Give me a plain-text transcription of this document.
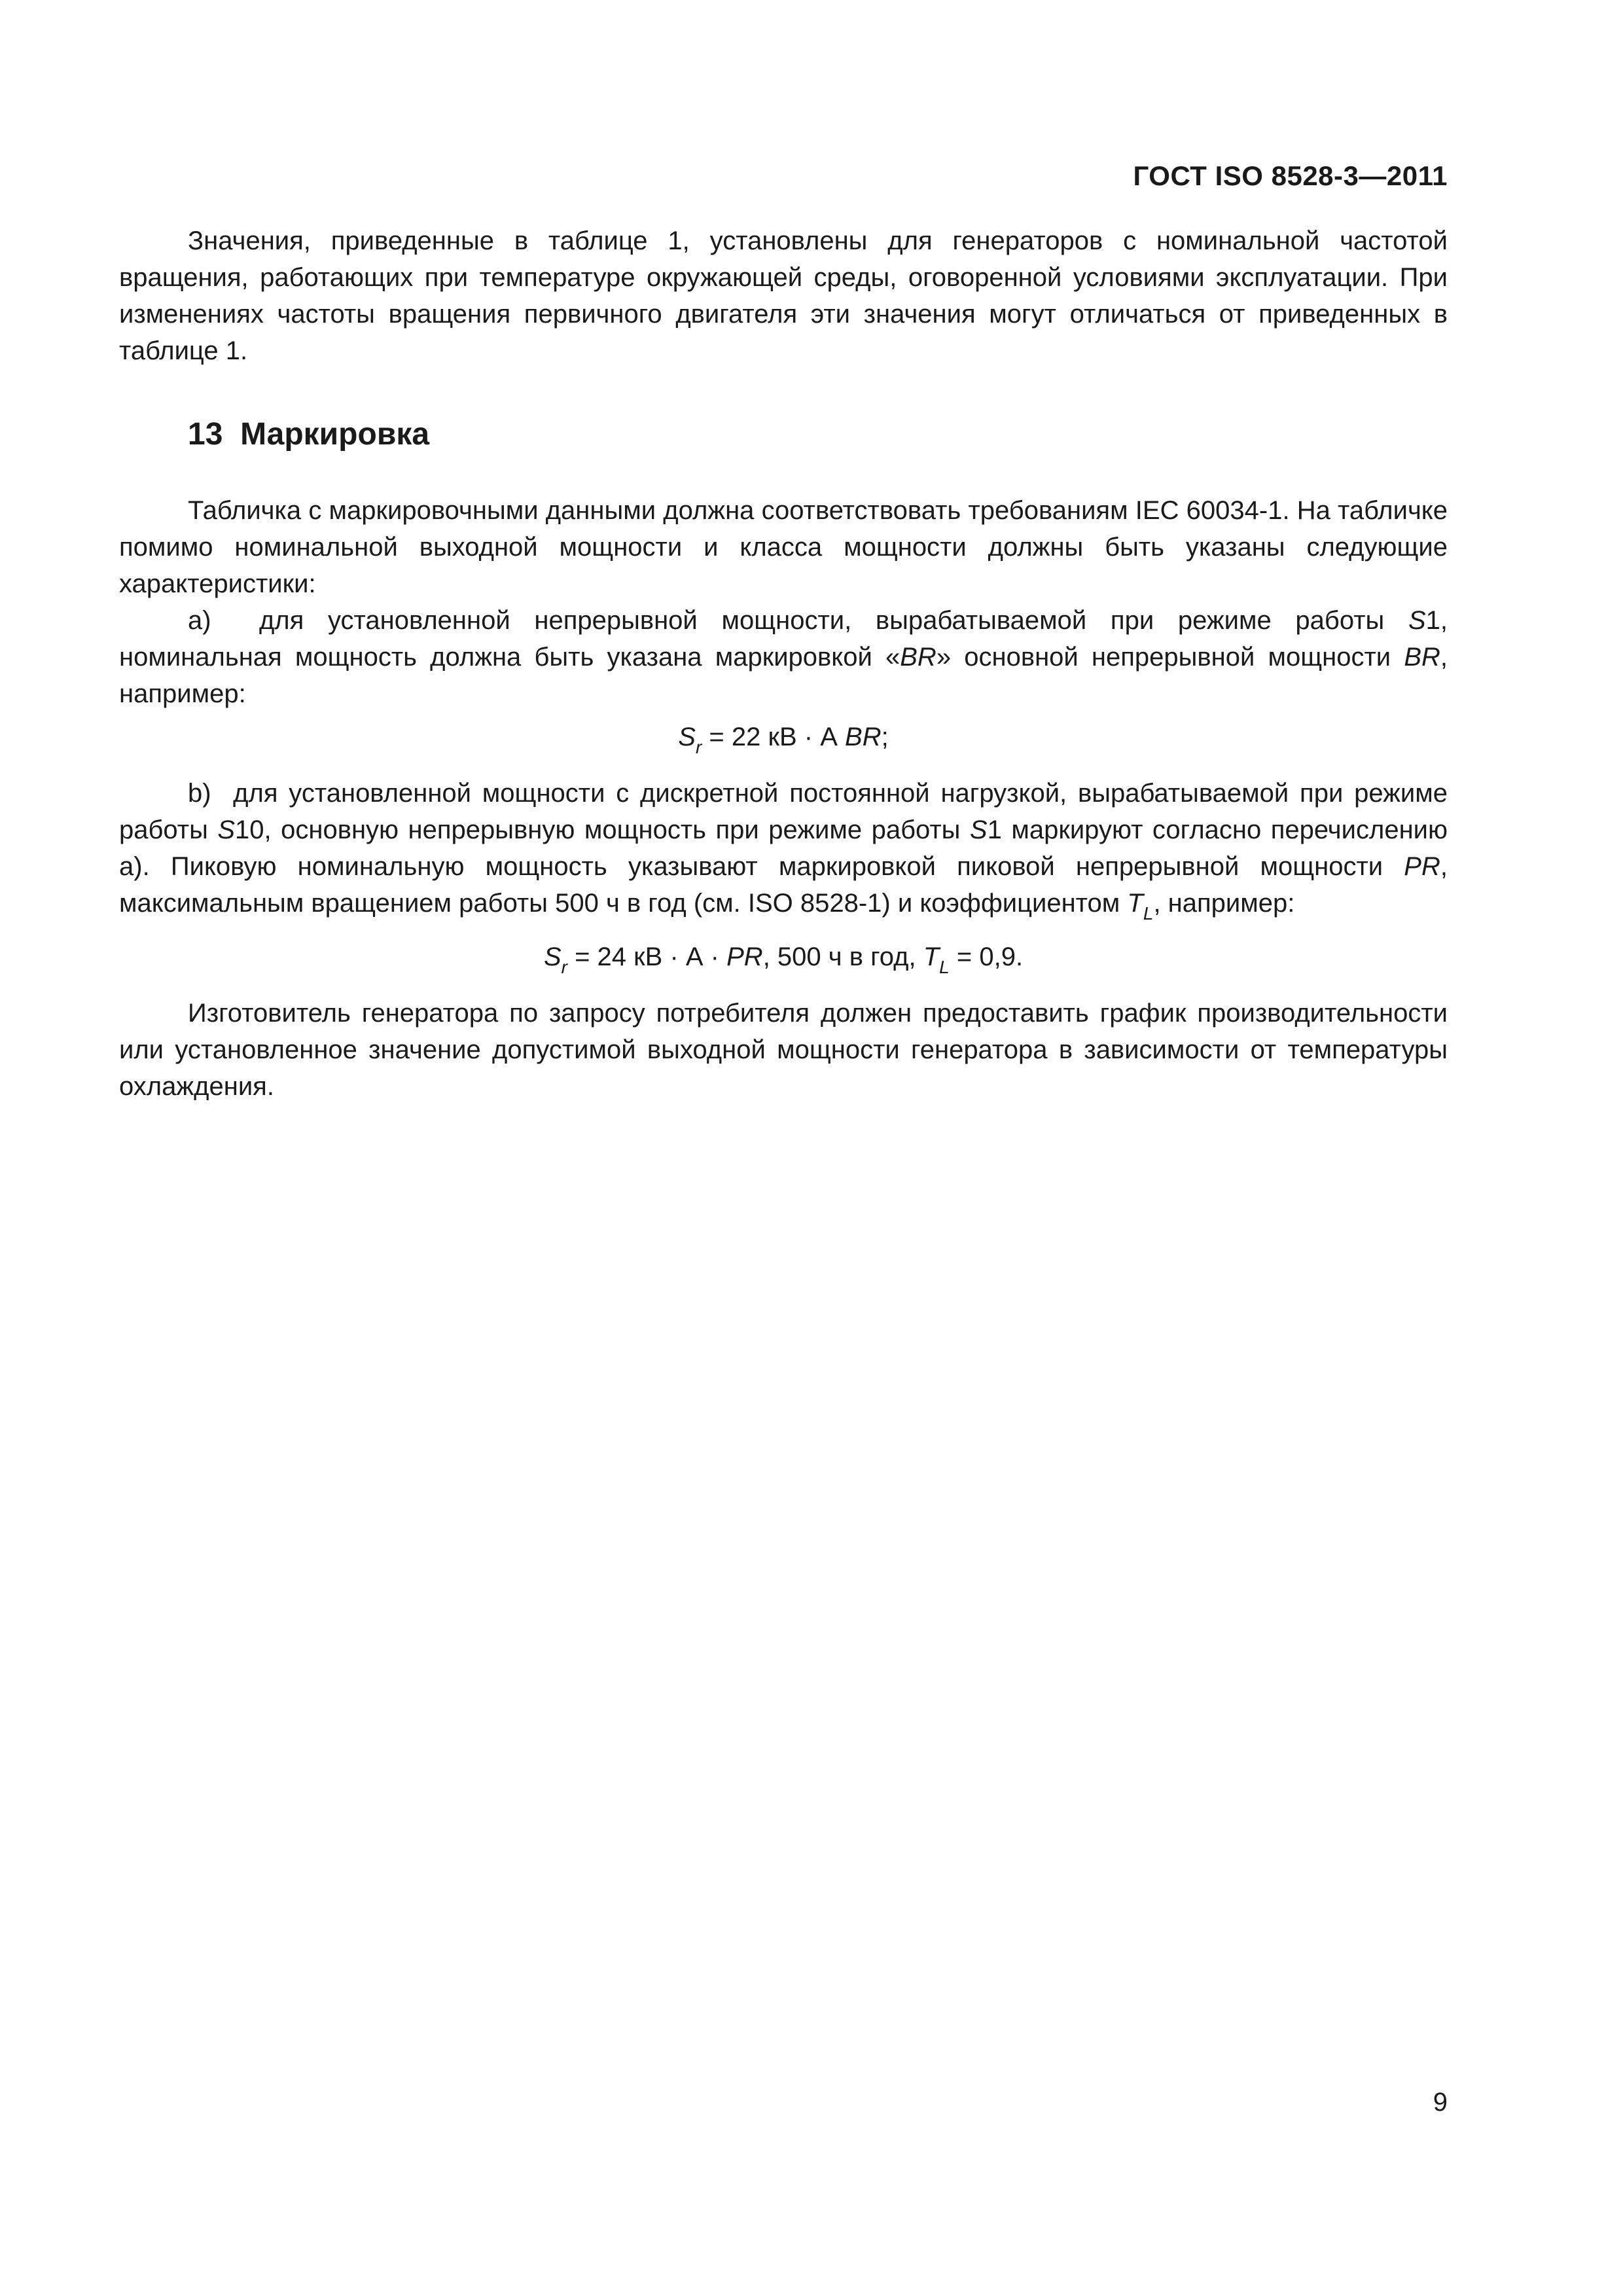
ГОСТ ISO 8528-3—2011

Значения, приведенные в таблице 1, установлены для генераторов с номинальной частотой вращения, работающих при температуре окружающей среды, оговоренной условиями эксплуатации. При изменениях частоты вращения первичного двигателя эти значения могут отличаться от приведенных в таблице 1.

13 Маркировка

Табличка с маркировочными данными должна соответствовать требованиям IEC 60034-1. На табличке помимо номинальной выходной мощности и класса мощности должны быть указаны следующие характеристики:

a) для установленной непрерывной мощности, вырабатываемой при режиме работы S1, номинальная мощность должна быть указана маркировкой «BR» основной непрерывной мощности BR, например:

$S_r = 22$ кВ · А BR;

b) для установленной мощности с дискретной постоянной нагрузкой, вырабатываемой при режиме работы S10, основную непрерывную мощность при режиме работы S1 маркируют согласно перечислению а). Пиковую номинальную мощность указывают маркировкой пиковой непрерывной мощности PR, максимальным вращением работы 500 ч в год (см. ISO 8528-1) и коэффициентом $T_L$, например:

$S_r = 24$ кВ · А · PR, 500 ч в год, $T_L = 0,9$.

Изготовитель генератора по запросу потребителя должен предоставить график производительности или установленное значение допустимой выходной мощности генератора в зависимости от температуры охлаждения.

9
